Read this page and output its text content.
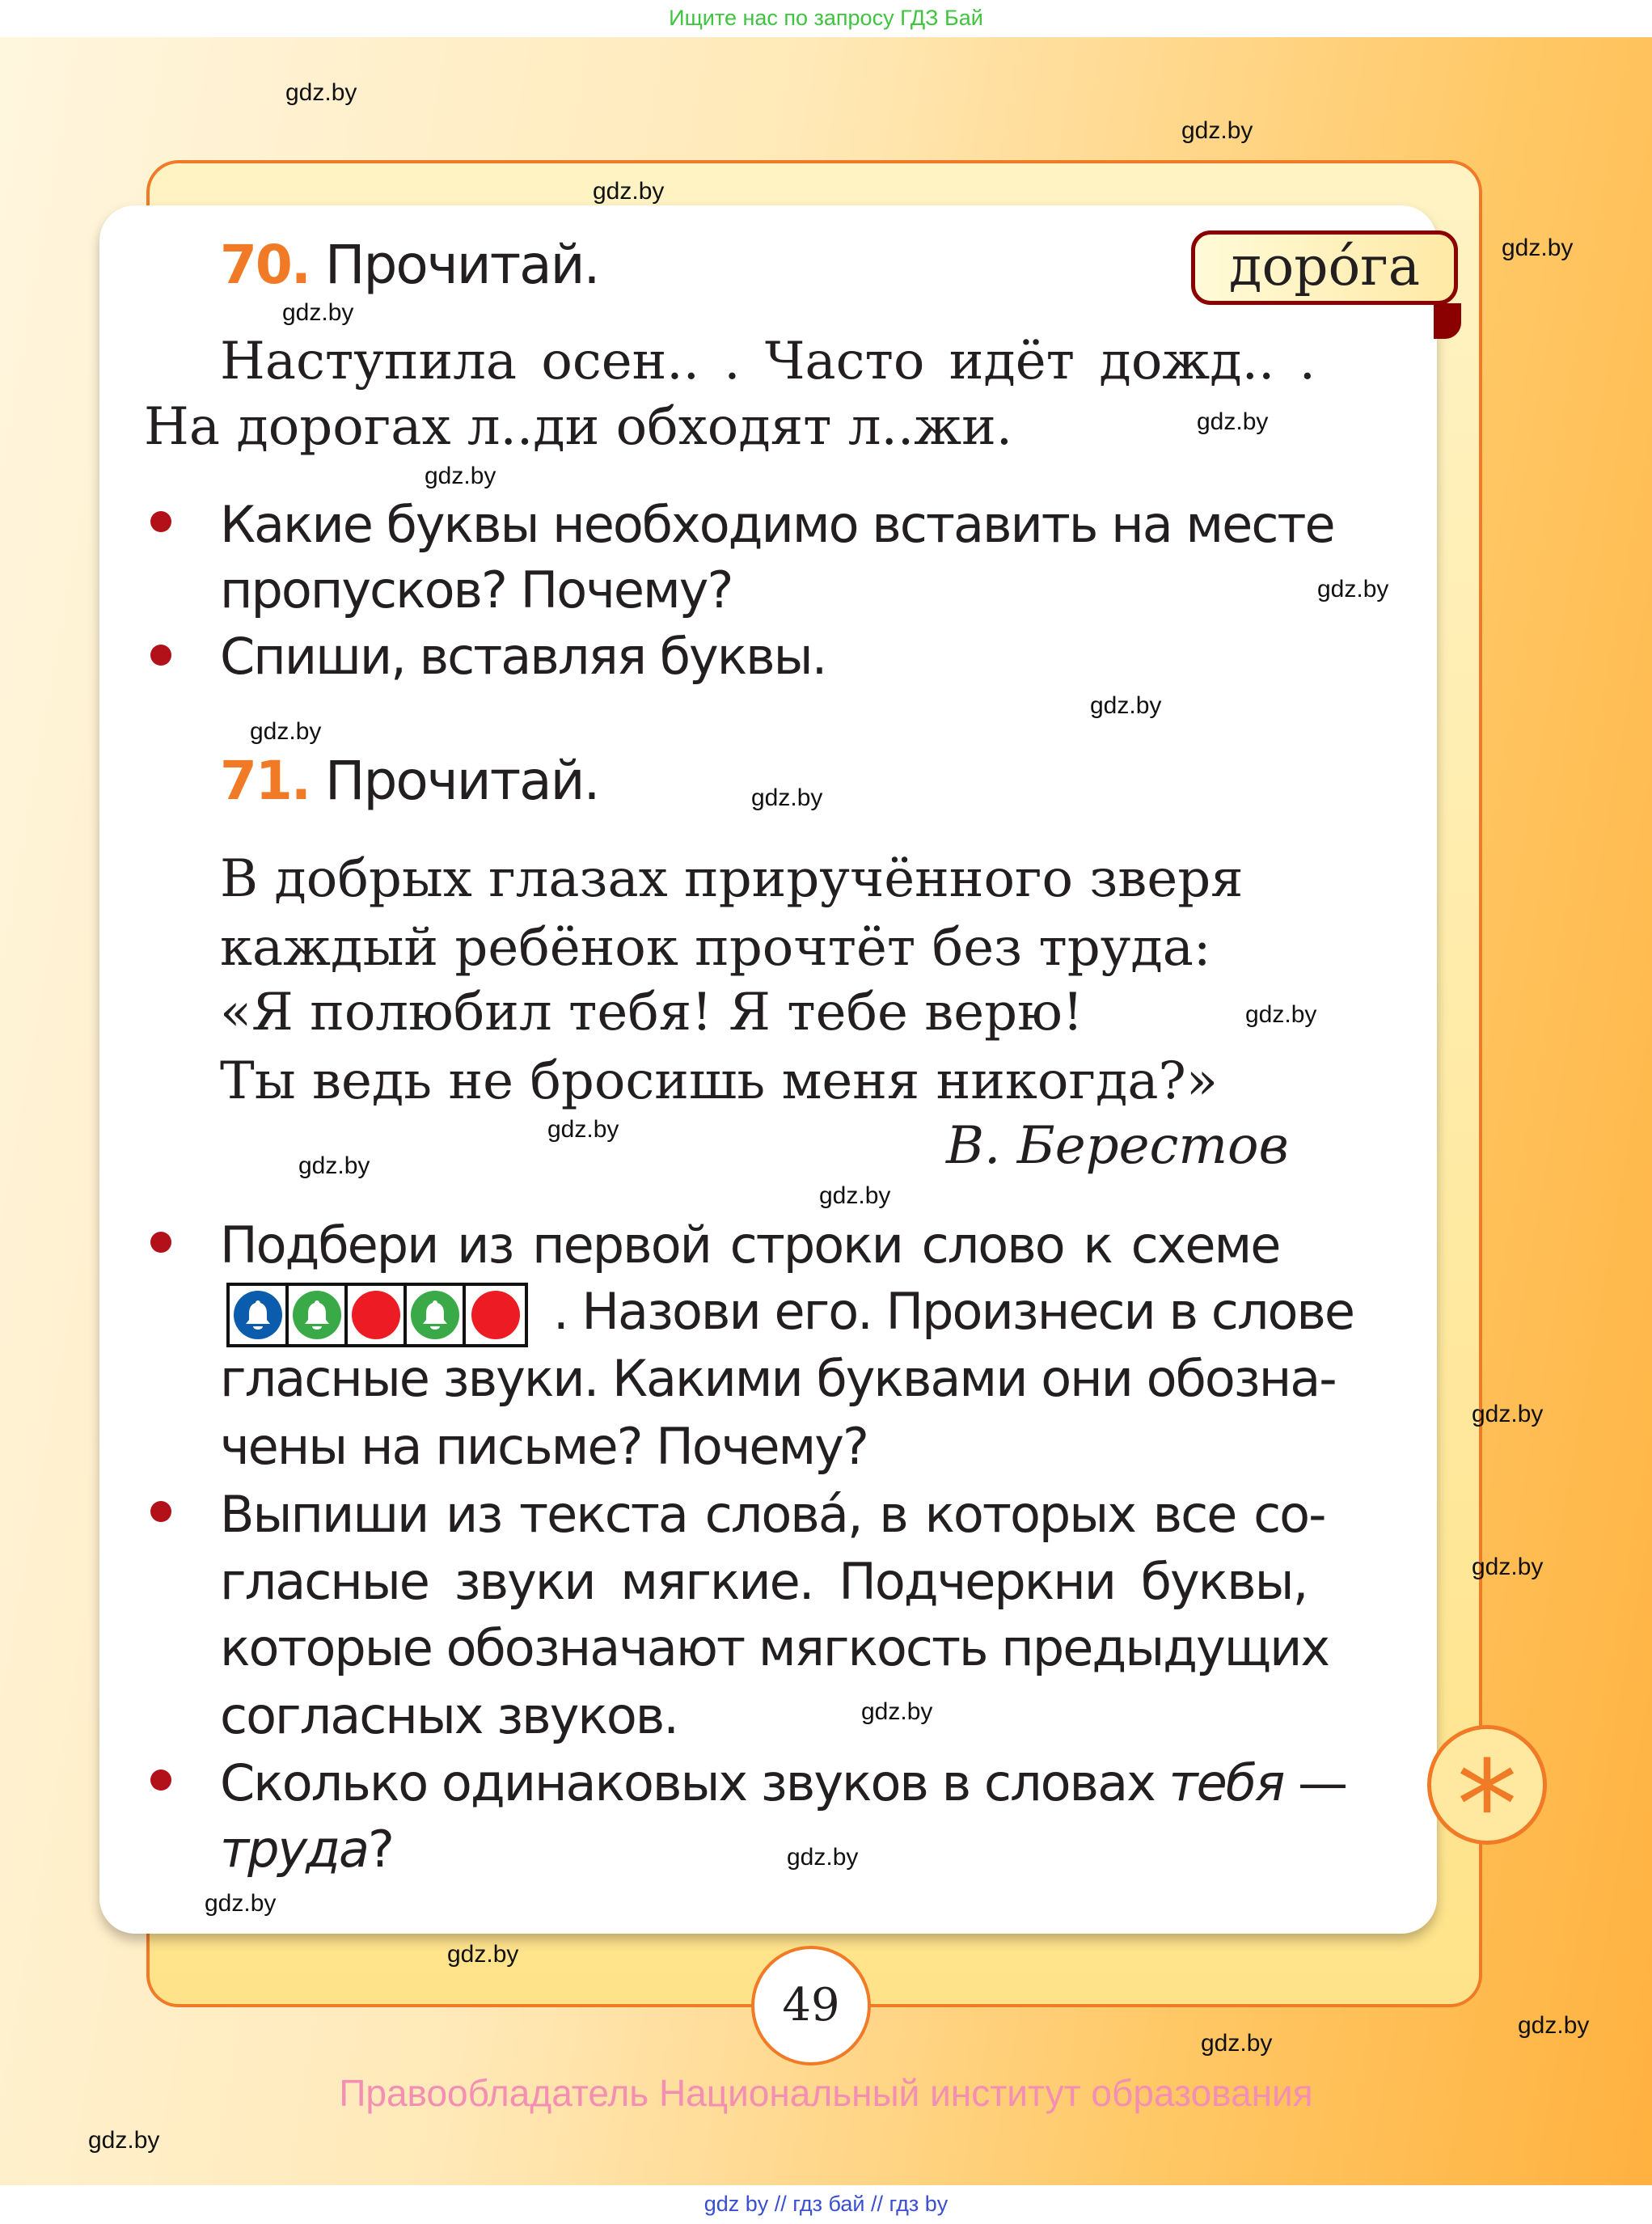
Ищите нас по запросу ГДЗ Бай
доро́га
70. Прочитай.
Наступила осен.. . Часто идёт дожд.. .
На дорогах л..ди обходят л..жи.
Какие буквы необходимо вставить на месте
пропусков? Почему?
Спиши, вставляя буквы.
71. Прочитай.
В добрых глазах приручённого зверя
каждый ребёнок прочтёт без труда:
«Я полюбил тебя! Я тебе верю!
Ты ведь не бросишь меня никогда?»
В. Берестов
Подбери из первой строки слово к схеме
. Назови его. Произнеси в слове
гласные звуки. Какими буквами они обозна-
чены на письме? Почему?
Выпиши из текста слова́, в которых все со-
гласные звуки мягкие. Подчеркни буквы,
которые обозначают мягкость предыдущих
согласных звуков.
Сколько одинаковых звуков в словах тебя —
труда?	*
49
Правообладатель Национальный институт образования
gdz.by
gdz.by
gdz.by
gdz.by
gdz.by
gdz.by
gdz.by
gdz.by
gdz.by
gdz.by
gdz.by
gdz.by
gdz.by
gdz.by
gdz.by
gdz.by
gdz.by
gdz.by
gdz.by
gdz.by
gdz.by
gdz.by
gdz.by
gdz.by
gdz by // гдз бай // гдз by
